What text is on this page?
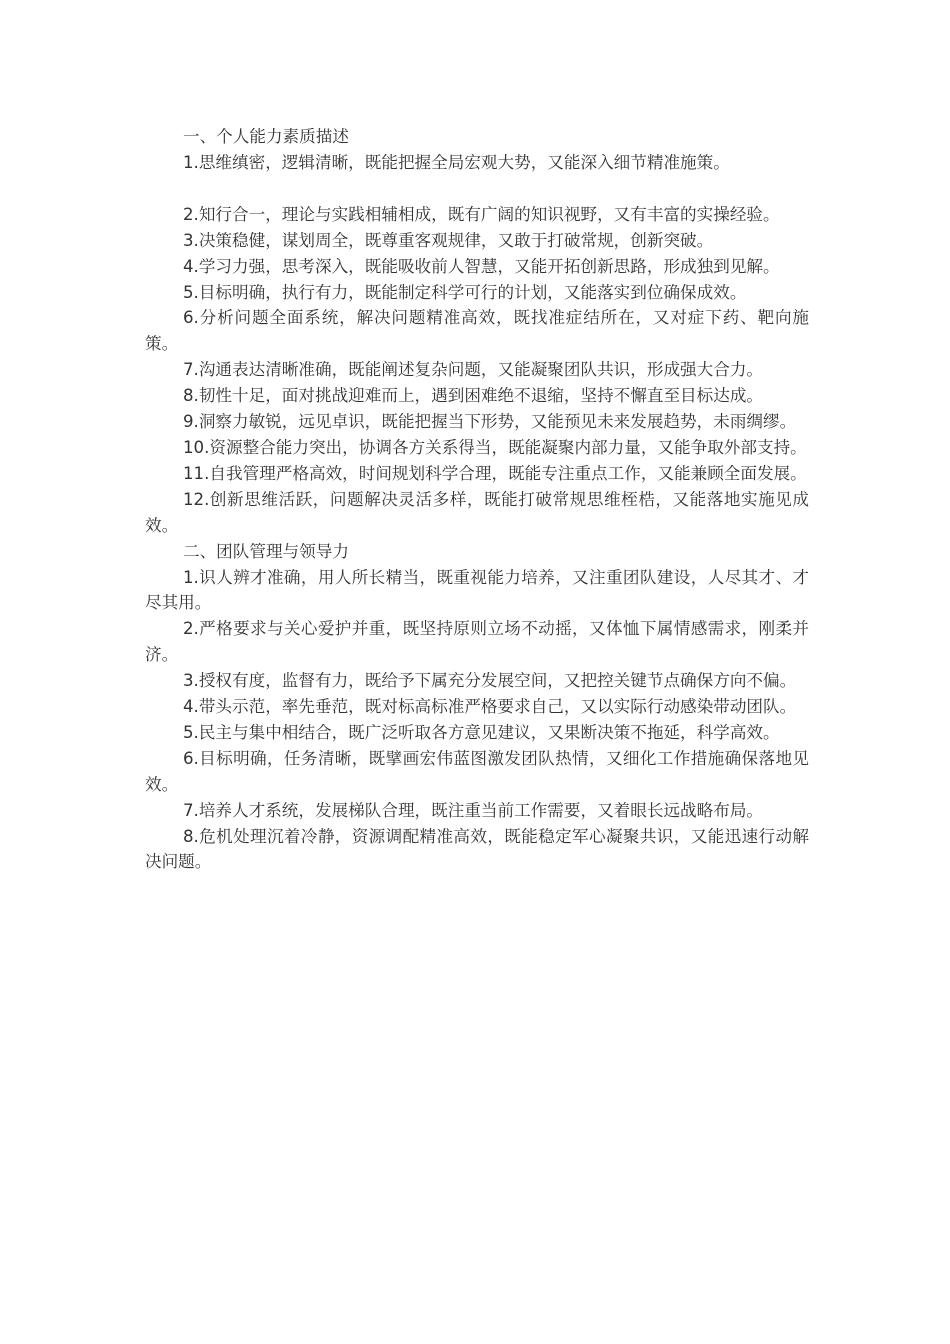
一、个人能力素质描述

1.思维缜密，逻辑清晰，既能把握全局宏观大势，又能深入细节精准施策。

2.知行合一，理论与实践相辅相成，既有广阔的知识视野，又有丰富的实操经验。

3.决策稳健，谋划周全，既尊重客观规律，又敢于打破常规，创新突破。

4.学习力强，思考深入，既能吸收前人智慧，又能开拓创新思路，形成独到见解。

5.目标明确，执行有力，既能制定科学可行的计划，又能落实到位确保成效。

6.分析问题全面系统，解决问题精准高效，既找准症结所在，又对症下药、靶向施策。

7.沟通表达清晰准确，既能阐述复杂问题，又能凝聚团队共识，形成强大合力。

8.韧性十足，面对挑战迎难而上，遇到困难绝不退缩，坚持不懈直至目标达成。

9.洞察力敏锐，远见卓识，既能把握当下形势，又能预见未来发展趋势，未雨绸缪。

10.资源整合能力突出，协调各方关系得当，既能凝聚内部力量，又能争取外部支持。

11.自我管理严格高效，时间规划科学合理，既能专注重点工作，又能兼顾全面发展。

12.创新思维活跃，问题解决灵活多样，既能打破常规思维桎梏，又能落地实施见成效。

二、团队管理与领导力

1.识人辨才准确，用人所长精当，既重视能力培养，又注重团队建设，人尽其才、才尽其用。

2.严格要求与关心爱护并重，既坚持原则立场不动摇，又体恤下属情感需求，刚柔并济。

3.授权有度，监督有力，既给予下属充分发展空间，又把控关键节点确保方向不偏。

4.带头示范，率先垂范，既对标高标准严格要求自己，又以实际行动感染带动团队。

5.民主与集中相结合，既广泛听取各方意见建议，又果断决策不拖延，科学高效。

6.目标明确，任务清晰，既擘画宏伟蓝图激发团队热情，又细化工作措施确保落地见效。

7.培养人才系统，发展梯队合理，既注重当前工作需要，又着眼长远战略布局。

8.危机处理沉着冷静，资源调配精准高效，既能稳定军心凝聚共识，又能迅速行动解决问题。
